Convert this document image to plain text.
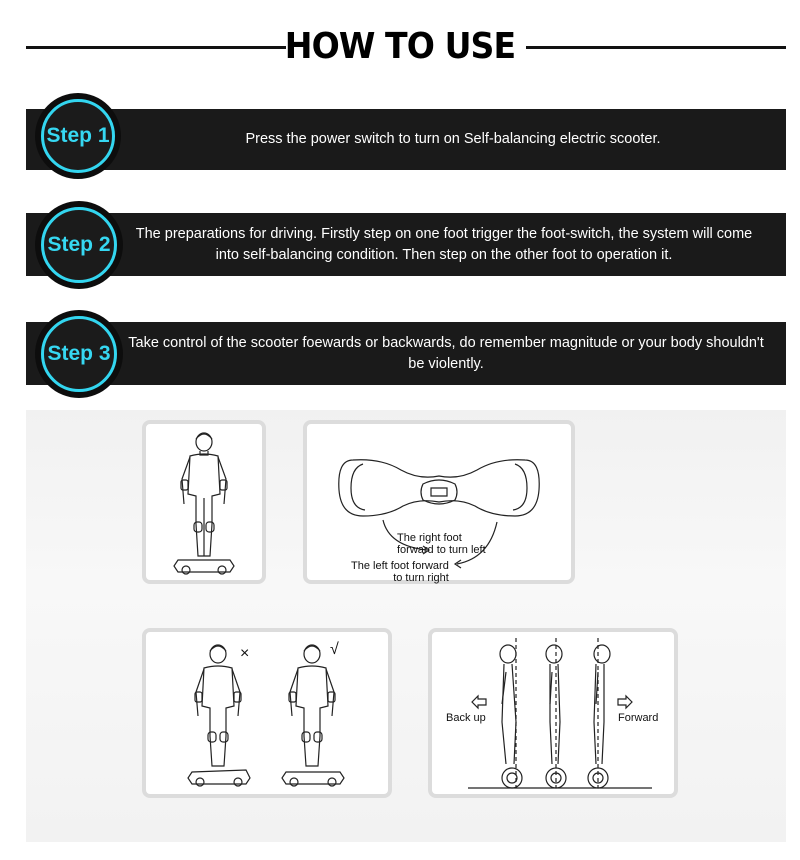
HOW TO USE
Press the power switch to turn on Self-balancing electric scooter.
Step 1
The preparations for driving. Firstly step on one foot trigger the foot-switch, the system will come into self-balancing condition. Then step on the other foot to operation it.
Step 2
Take control of the scooter foewards or backwards, do remember magnitude or your body shouldn't be violently.
Step 3
The right foot
forward to turn left
The left foot forward
to turn right
×	√
Back up	Forward
